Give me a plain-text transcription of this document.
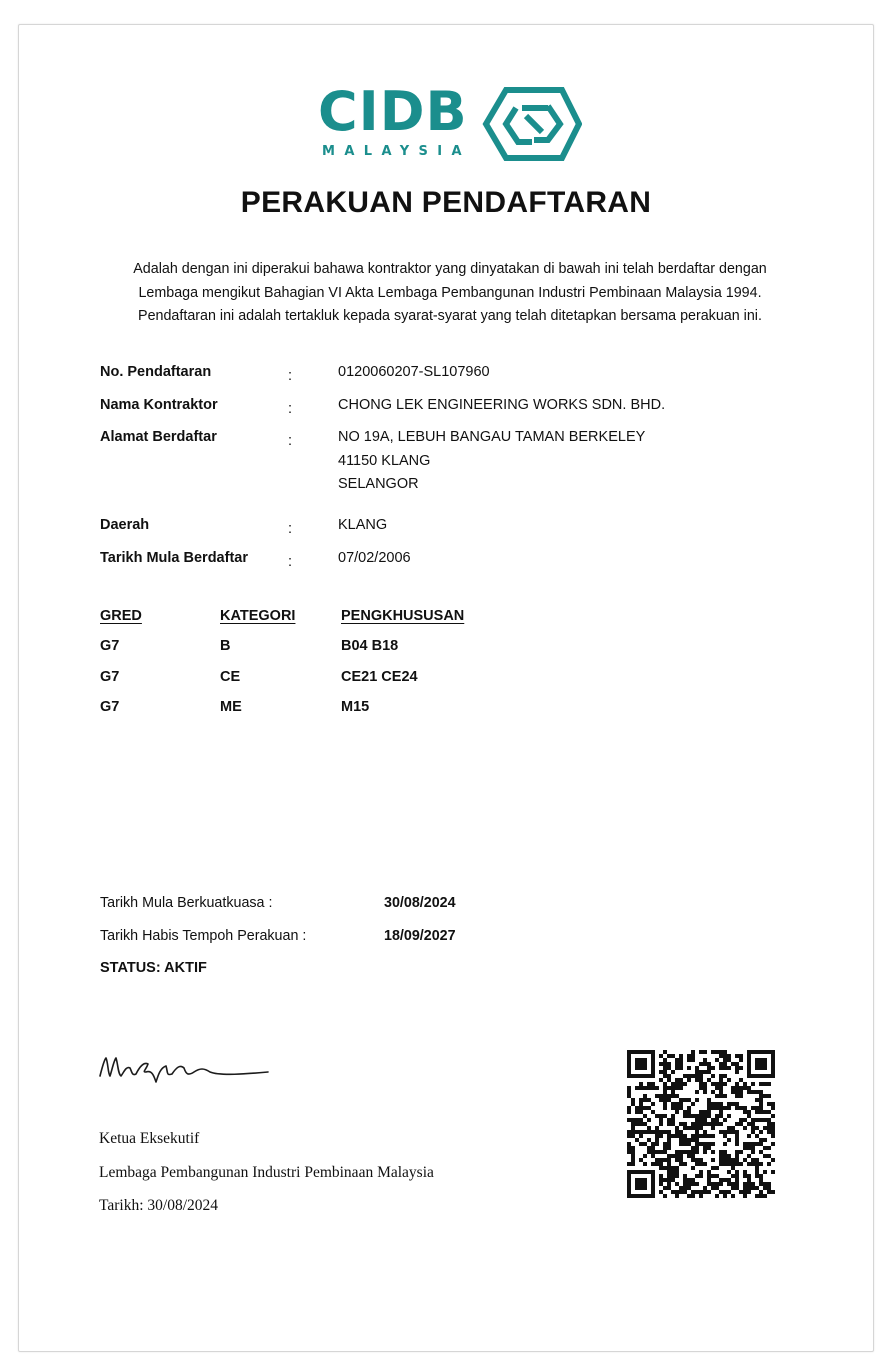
CIDB
MALAYSIA
PERAKUAN PENDAFTARAN
Adalah dengan ini diperakui bahawa kontraktor yang dinyatakan di bawah ini telah berdaftar dengan
Lembaga mengikut Bahagian VI Akta Lembaga Pembangunan Industri Pembinaan Malaysia 1994.
Pendaftaran ini adalah tertakluk kepada syarat-syarat yang telah ditetapkan bersama perakuan ini.
No. Pendaftaran	:	0120060207-SL107960
Nama Kontraktor	:	CHONG LEK ENGINEERING WORKS SDN. BHD.
Alamat Berdaftar	:	NO 19A, LEBUH BANGAU TAMAN BERKELEY
41150 KLANG
SELANGOR
Daerah	:	KLANG
Tarikh Mula Berdaftar	:	07/02/2006
GRED	KATEGORI	PENGKHUSUSAN
G7	B	B04 B18
G7	CE	CE21 CE24
G7	ME	M15
Tarikh Mula Berkuatkuasa :	30/08/2024
Tarikh Habis Tempoh Perakuan :	18/09/2027
STATUS: AKTIF
Ketua Eksekutif
Lembaga Pembangunan Industri Pembinaan Malaysia
Tarikh: 30/08/2024
